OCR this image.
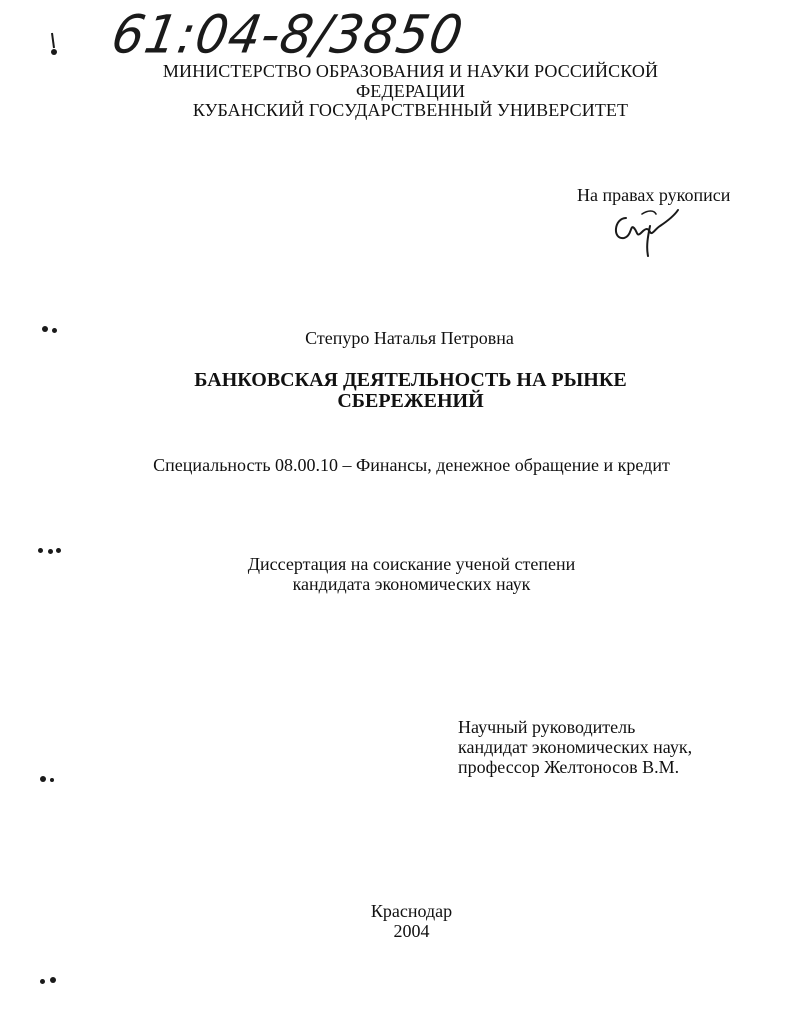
61:04-8/3850
МИНИСТЕРСТВО ОБРАЗОВАНИЯ И НАУКИ РОССИЙСКОЙ
ФЕДЕРАЦИИ
КУБАНСКИЙ ГОСУДАРСТВЕННЫЙ УНИВЕРСИТЕТ
На правах рукописи
Степуро Наталья Петровна
БАНКОВСКАЯ ДЕЯТЕЛЬНОСТЬ НА РЫНКЕ
СБЕРЕЖЕНИЙ
Специальность 08.00.10 – Финансы, денежное обращение и кредит
Диссертация на соискание ученой степени
кандидата экономических наук
Научный руководитель
кандидат экономических наук,
профессор Желтоносов В.М.
Краснодар
2004
